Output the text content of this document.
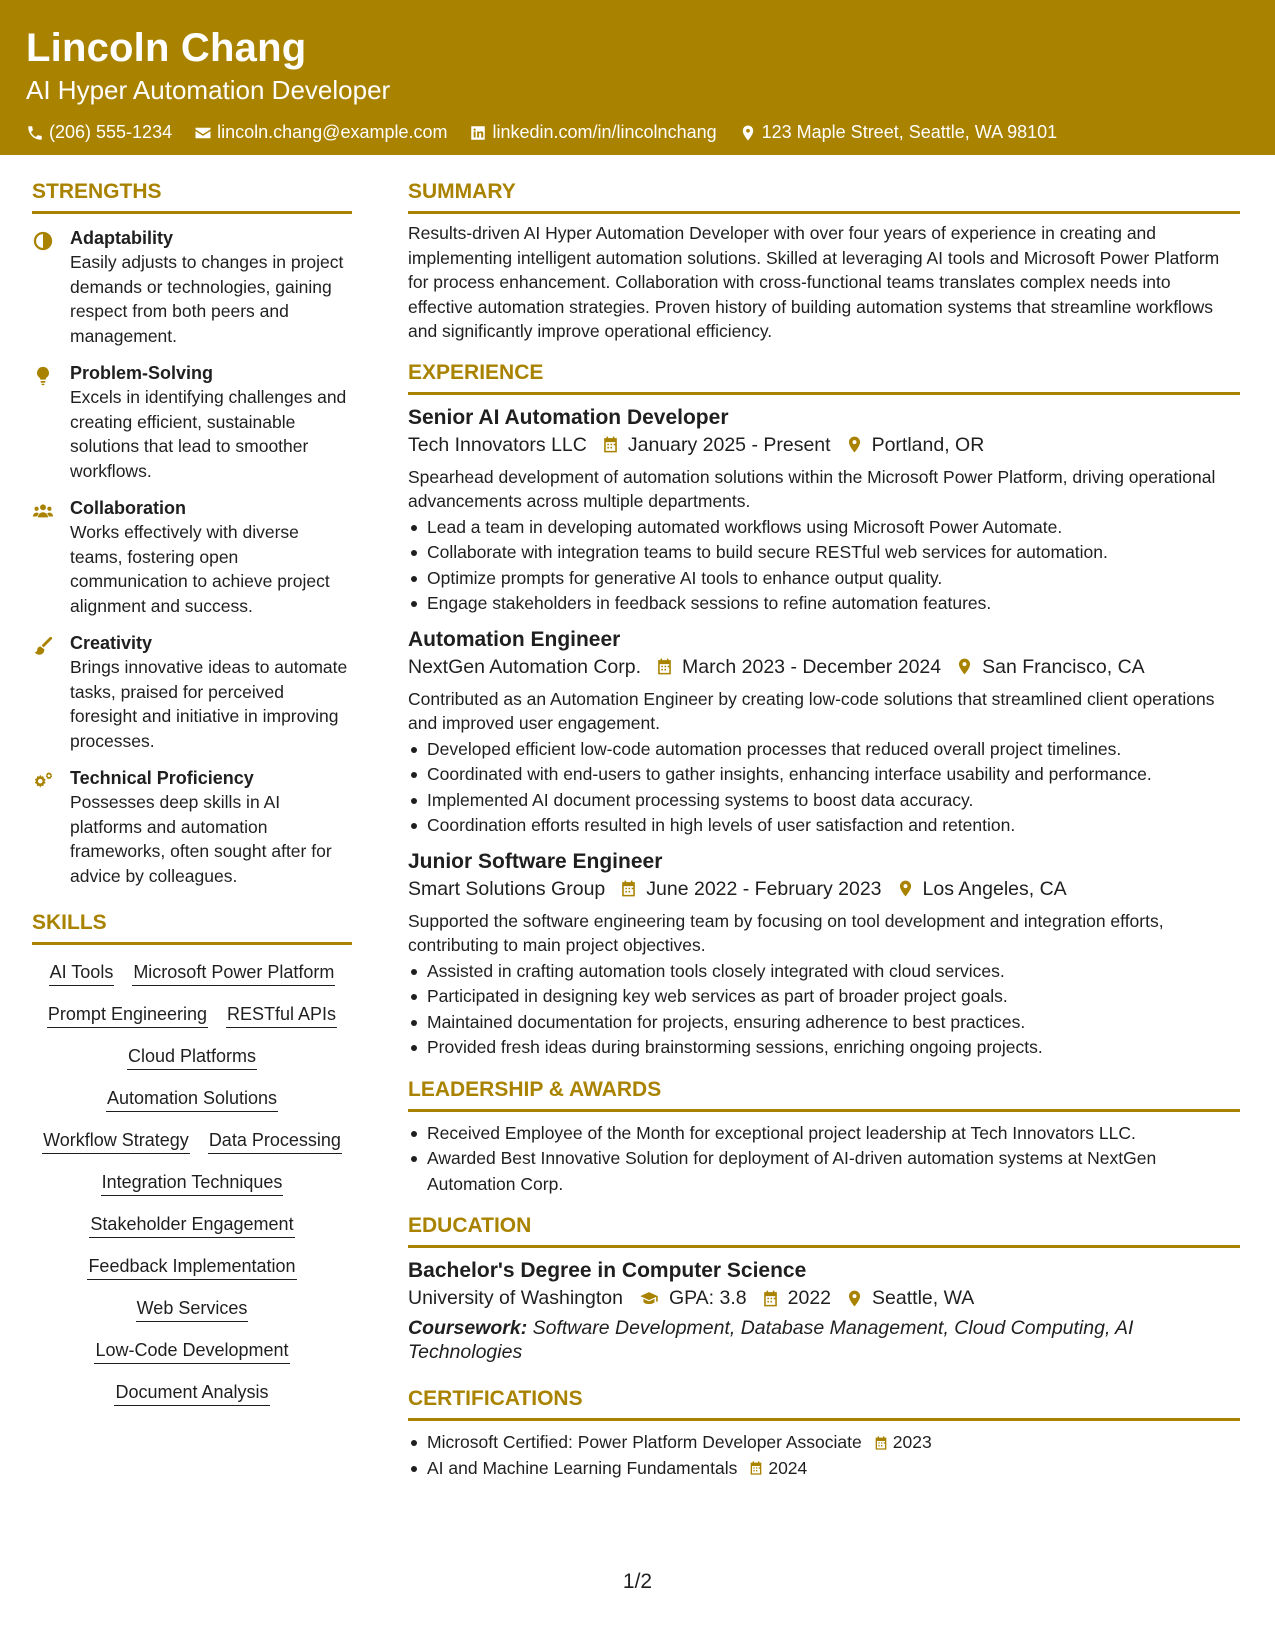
Lincoln Chang
AI Hyper Automation Developer
(206) 555-1234	lincoln.chang@example.com	linkedin.com/in/lincolnchang	123 Maple Street, Seattle, WA 98101
STRENGTHS
Adaptability
Easily adjusts to changes in project demands or technologies, gaining respect from both peers and management.
Problem-Solving
Excels in identifying challenges and creating efficient, sustainable solutions that lead to smoother workflows.
Collaboration
Works effectively with diverse teams, fostering open communication to achieve project alignment and success.
Creativity
Brings innovative ideas to automate tasks, praised for perceived foresight and initiative in improving processes.
Technical Proficiency
Possesses deep skills in AI platforms and automation frameworks, often sought after for advice by colleagues.
SKILLS
AI Tools Microsoft Power Platform
Prompt Engineering RESTful APIs
Cloud Platforms
Automation Solutions
Workflow Strategy Data Processing
Integration Techniques
Stakeholder Engagement
Feedback Implementation
Web Services
Low-Code Development
Document Analysis
SUMMARY
Results-driven AI Hyper Automation Developer with over four years of experience in creating and implementing intelligent automation solutions. Skilled at leveraging AI tools and Microsoft Power Platform for process enhancement. Collaboration with cross-functional teams translates complex needs into effective automation strategies. Proven history of building automation systems that streamline workflows and significantly improve operational efficiency.
EXPERIENCE
Senior AI Automation Developer
Tech Innovators LLC January 2025 - Present Portland, OR
Spearhead development of automation solutions within the Microsoft Power Platform, driving operational advancements across multiple departments.
Lead a team in developing automated workflows using Microsoft Power Automate.
Collaborate with integration teams to build secure RESTful web services for automation.
Optimize prompts for generative AI tools to enhance output quality.
Engage stakeholders in feedback sessions to refine automation features.
Automation Engineer
NextGen Automation Corp. March 2023 - December 2024 San Francisco, CA
Contributed as an Automation Engineer by creating low-code solutions that streamlined client operations and improved user engagement.
Developed efficient low-code automation processes that reduced overall project timelines.
Coordinated with end-users to gather insights, enhancing interface usability and performance.
Implemented AI document processing systems to boost data accuracy.
Coordination efforts resulted in high levels of user satisfaction and retention.
Junior Software Engineer
Smart Solutions Group June 2022 - February 2023 Los Angeles, CA
Supported the software engineering team by focusing on tool development and integration efforts, contributing to main project objectives.
Assisted in crafting automation tools closely integrated with cloud services.
Participated in designing key web services as part of broader project goals.
Maintained documentation for projects, ensuring adherence to best practices.
Provided fresh ideas during brainstorming sessions, enriching ongoing projects.
LEADERSHIP & AWARDS
Received Employee of the Month for exceptional project leadership at Tech Innovators LLC.
Awarded Best Innovative Solution for deployment of AI-driven automation systems at NextGen Automation Corp.
EDUCATION
Bachelor's Degree in Computer Science
University of Washington GPA: 3.8 2022 Seattle, WA
Coursework: Software Development, Database Management, Cloud Computing, AI Technologies
CERTIFICATIONS
Microsoft Certified: Power Platform Developer Associate 2023
AI and Machine Learning Fundamentals 2024
1/2
